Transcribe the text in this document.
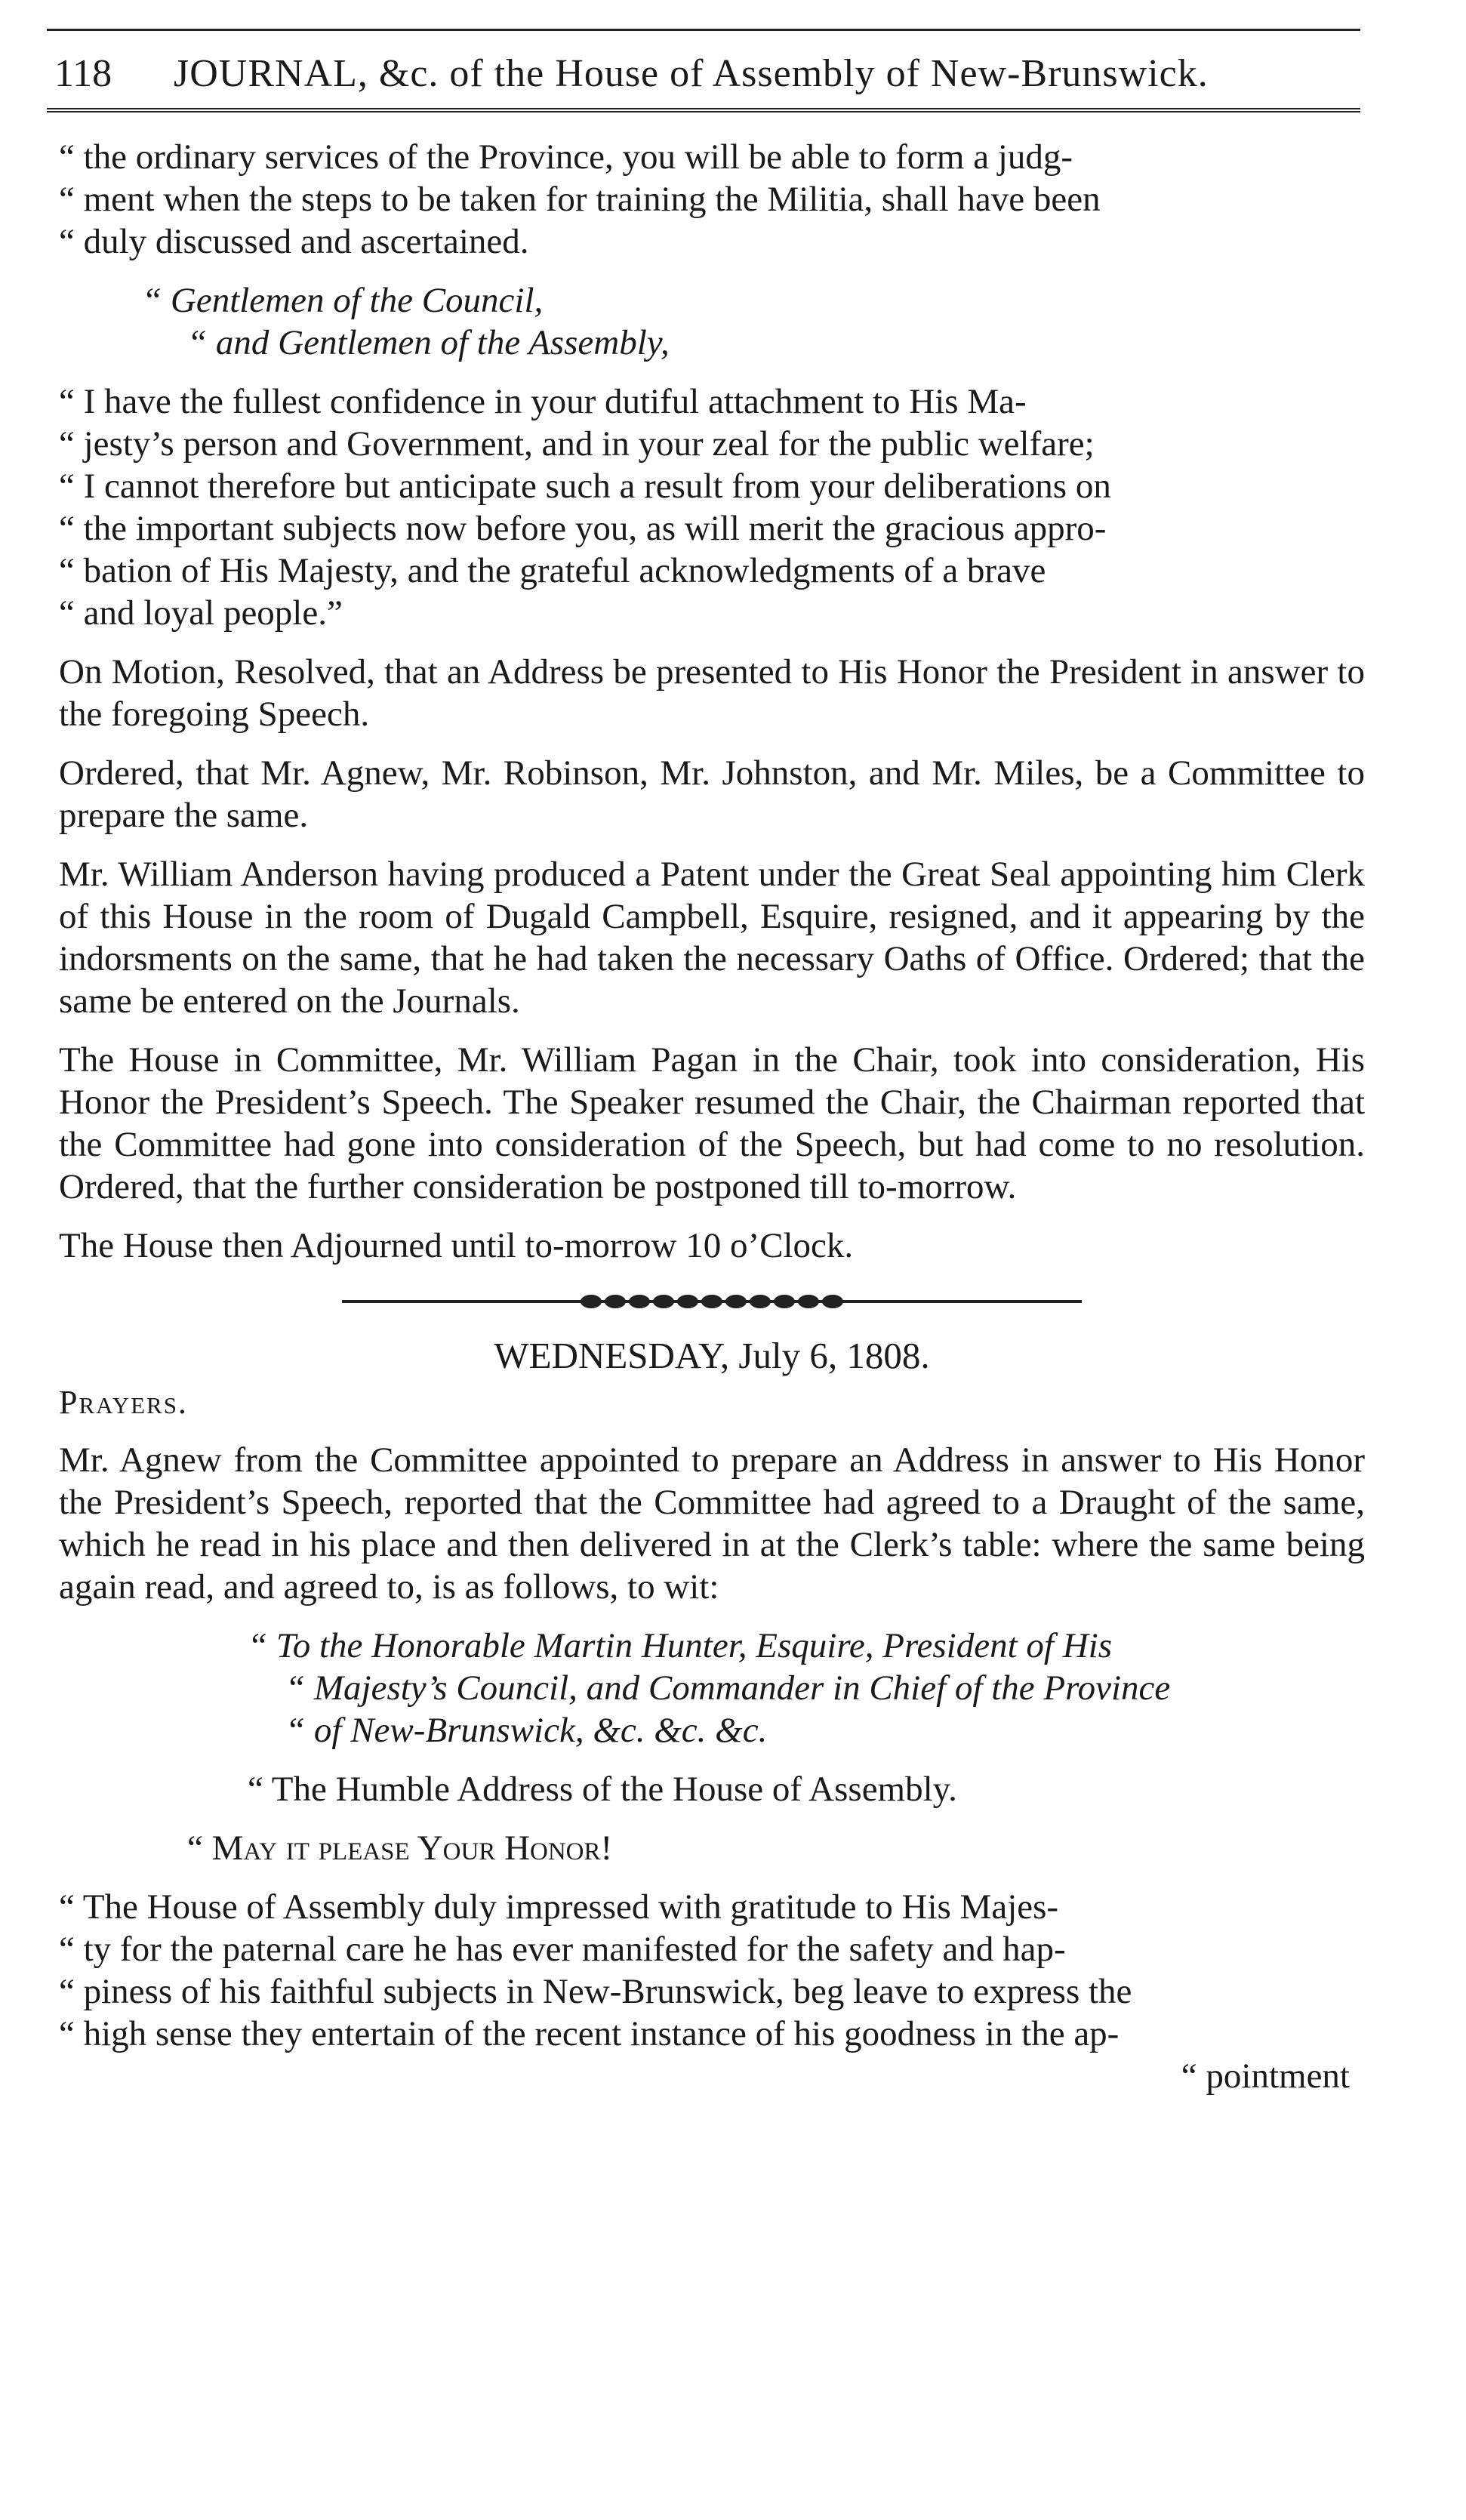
118 JOURNAL, &c. of the House of Assembly of New-Brunswick.

“ the ordinary services of the Province, you will be able to form a judg-

“ ment when the steps to be taken for training the Militia, shall have been

“ duly discussed and ascertained.

“ Gentlemen of the Council,

“ and Gentlemen of the Assembly,

“ I have the fullest confidence in your dutiful attachment to His Ma-

“ jesty’s person and Government, and in your zeal for the public welfare;

“ I cannot therefore but anticipate such a result from your deliberations on

“ the important subjects now before you, as will merit the gracious appro-

“ bation of His Majesty, and the grateful acknowledgments of a brave

“ and loyal people.”

On Motion, Resolved, that an Address be presented to His Honor the President in answer to the foregoing Speech.

Ordered, that Mr. Agnew, Mr. Robinson, Mr. Johnston, and Mr. Miles, be a Committee to prepare the same.

Mr. William Anderson having produced a Patent under the Great Seal appointing him Clerk of this House in the room of Dugald Campbell, Esquire, resigned, and it appearing by the indorsments on the same, that he had taken the necessary Oaths of Office. Ordered; that the same be entered on the Journals.

The House in Committee, Mr. William Pagan in the Chair, took into consideration, His Honor the President’s Speech. The Speaker resumed the Chair, the Chairman reported that the Committee had gone into consideration of the Speech, but had come to no resolution. Ordered, that the further consideration be postponed till to-morrow.

The House then Adjourned until to-morrow 10 o’Clock.

WEDNESDAY, July 6, 1808.

Prayers.

Mr. Agnew from the Committee appointed to prepare an Address in answer to His Honor the President’s Speech, reported that the Committee had agreed to a Draught of the same, which he read in his place and then delivered in at the Clerk’s table: where the same being again read, and agreed to, is as follows, to wit:

“ To the Honorable Martin Hunter, Esquire, President of His

“ Majesty’s Council, and Commander in Chief of the Province

“ of New-Brunswick, &c. &c. &c.

“ The Humble Address of the House of Assembly.

“ May it please Your Honor!

“ The House of Assembly duly impressed with gratitude to His Majes-

“ ty for the paternal care he has ever manifested for the safety and hap-

“ piness of his faithful subjects in New-Brunswick, beg leave to express the

“ high sense they entertain of the recent instance of his goodness in the ap-

“ pointment
